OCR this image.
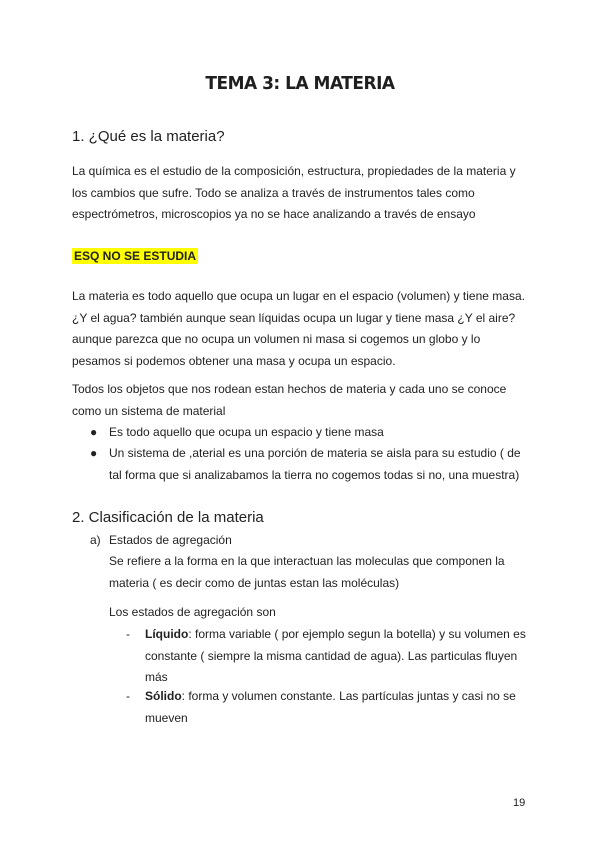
TEMA 3: LA MATERIA
1. ¿Qué es la materia?
La química es el estudio de la composición, estructura, propiedades de la materia y los cambios que sufre. Todo se analiza a través de instrumentos tales como espectrómetros, microscopios ya no se hace analizando a través de ensayo
ESQ NO SE ESTUDIA
La materia es todo aquello que ocupa un lugar en el espacio (volumen) y tiene masa. ¿Y el agua? también aunque sean líquidas ocupa un lugar y tiene masa ¿Y el aire? aunque parezca que no ocupa un volumen ni masa si cogemos un globo y lo pesamos si podemos obtener una masa y ocupa un espacio.
Todos los objetos que nos rodean estan hechos de materia y cada uno se conoce como un sistema de material
● Es todo aquello que ocupa un espacio y tiene masa
● Un sistema de ,aterial es una porción de materia se aisla para su estudio ( de tal forma que si analizabamos la tierra no cogemos todas si no, una muestra)
2. Clasificación de la materia
a) Estados de agregación
Se refiere a la forma en la que interactuan las moleculas que componen la materia ( es decir como de juntas estan las moléculas)
Los estados de agregación son
- Líquido: forma variable ( por ejemplo segun la botella) y su volumen es constante ( siempre la misma cantidad de agua). Las particulas fluyen más
- Sólido: forma y volumen constante. Las partículas juntas y casi no se mueven
19
